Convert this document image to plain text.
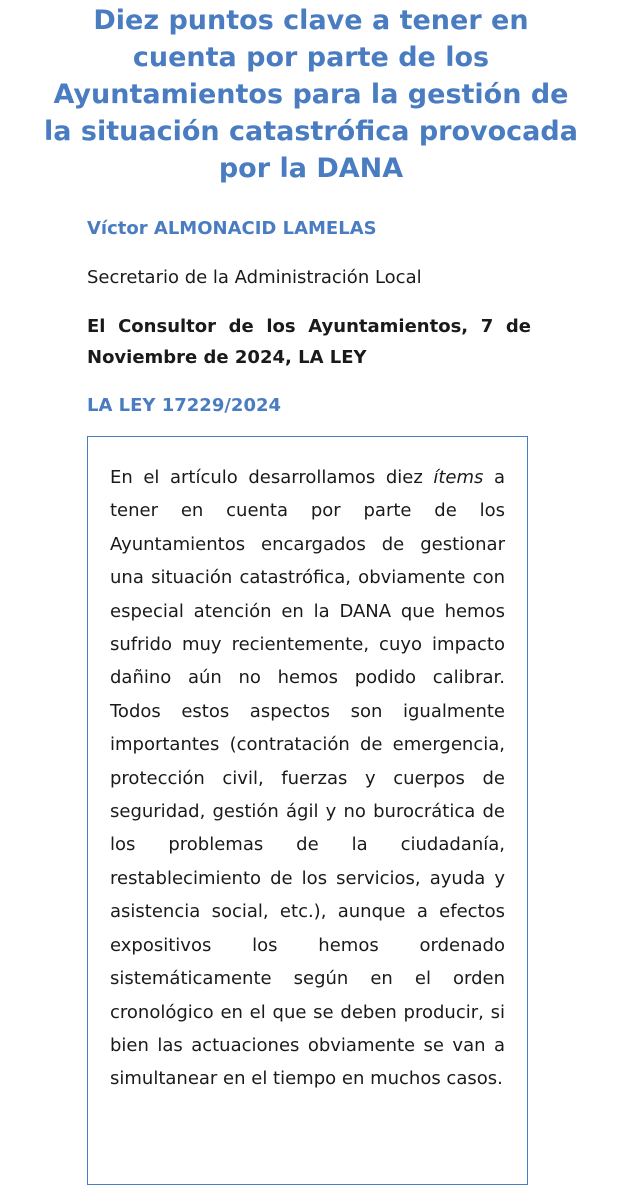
Diez puntos clave a tener en cuenta por parte de los Ayuntamientos para la gestión de la situación catastrófica provocada por la DANA

Víctor ALMONACID LAMELAS

Secretario de la Administración Local

El Consultor de los Ayuntamientos, 7 de Noviembre de 2024, LA LEY

LA LEY 17229/2024

En el artículo desarrollamos diez ítems a tener en cuenta por parte de los Ayuntamientos encargados de gestionar una situación catastrófica, obviamente con especial atención en la DANA que hemos sufrido muy recientemente, cuyo impacto dañino aún no hemos podido calibrar. Todos estos aspectos son igualmente importantes (contratación de emergencia, protección civil, fuerzas y cuerpos de seguridad, gestión ágil y no burocrática de los problemas de la ciudadanía, restablecimiento de los servicios, ayuda y asistencia social, etc.), aunque a efectos expositivos los hemos ordenado sistemáticamente según en el orden cronológico en el que se deben producir, si bien las actuaciones obviamente se van a simultanear en el tiempo en muchos casos.
